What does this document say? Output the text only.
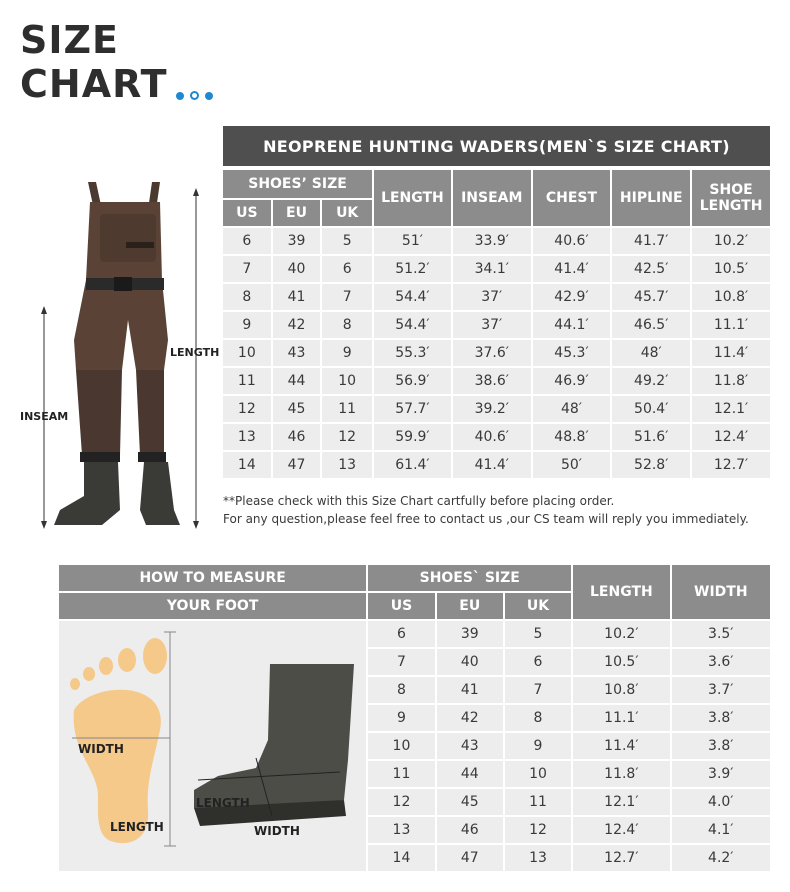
SIZE
CHART
INSEAM
LENGTH
NEOPRENE HUNTING WADERS(MEN`S SIZE CHART)
SHOES’ SIZE			LENGTH	INSEAM	CHEST	HIPLINE	SHOE LENGTH
US	EU	UK					
6	39	5	51′	33.9′	40.6′	41.7′	10.2′
7	40	6	51.2′	34.1′	41.4′	42.5′	10.5′
8	41	7	54.4′	37′	42.9′	45.7′	10.8′
9	42	8	54.4′	37′	44.1′	46.5′	11.1′
10	43	9	55.3′	37.6′	45.3′	48′	11.4′
11	44	10	56.9′	38.6′	46.9′	49.2′	11.8′
12	45	11	57.7′	39.2′	48′	50.4′	12.1′
13	46	12	59.9′	40.6′	48.8′	51.6′	12.4′
14	47	13	61.4′	41.4′	50′	52.8′	12.7′
**Please check with this Size Chart cartfully before placing order.
For any question,please feel free to contact us ,our CS team will reply you immediately.
HOW TO MEASURE	SHOES` SIZE			LENGTH	WIDTH
YOUR FOOT	US	EU	UK		
	6	39	5	10.2′	3.5′
	7	40	6	10.5′	3.6′
	8	41	7	10.8′	3.7′
	9	42	8	11.1′	3.8′
	10	43	9	11.4′	3.8′
	11	44	10	11.8′	3.9′
	12	45	11	12.1′	4.0′
	13	46	12	12.4′	4.1′
	14	47	13	12.7′	4.2′
WIDTH
LENGTH
LENGTH
WIDTH
